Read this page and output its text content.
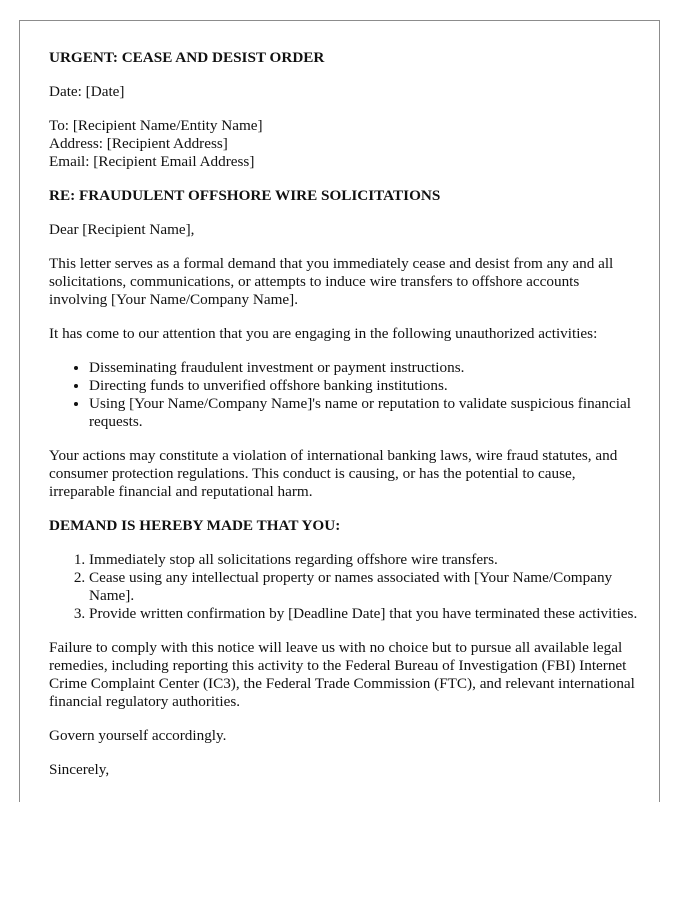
URGENT: CEASE AND DESIST ORDER

Date: [Date]

To: [Recipient Name/Entity Name]

Address: [Recipient Address]

Email: [Recipient Email Address]

RE: FRAUDULENT OFFSHORE WIRE SOLICITATIONS

Dear [Recipient Name],

This letter serves as a formal demand that you immediately cease and desist from any and all solicitations, communications, or attempts to induce wire transfers to offshore accounts involving [Your Name/Company Name].

It has come to our attention that you are engaging in the following unauthorized activities:

• Disseminating fraudulent investment or payment instructions.
• Directing funds to unverified offshore banking institutions.
• Using [Your Name/Company Name]'s name or reputation to validate suspicious financial requests.

Your actions may constitute a violation of international banking laws, wire fraud statutes, and consumer protection regulations. This conduct is causing, or has the potential to cause, irreparable financial and reputational harm.

DEMAND IS HEREBY MADE THAT YOU:
1. Immediately stop all solicitations regarding offshore wire transfers.
2. Cease using any intellectual property or names associated with [Your Name/Company Name].
3. Provide written confirmation by [Deadline Date] that you have terminated these activities.

Failure to comply with this notice will leave us with no choice but to pursue all available legal remedies, including reporting this activity to the Federal Bureau of Investigation (FBI) Internet Crime Complaint Center (IC3), the Federal Trade Commission (FTC), and relevant international financial regulatory authorities.

Govern yourself accordingly.

Sincerely,
